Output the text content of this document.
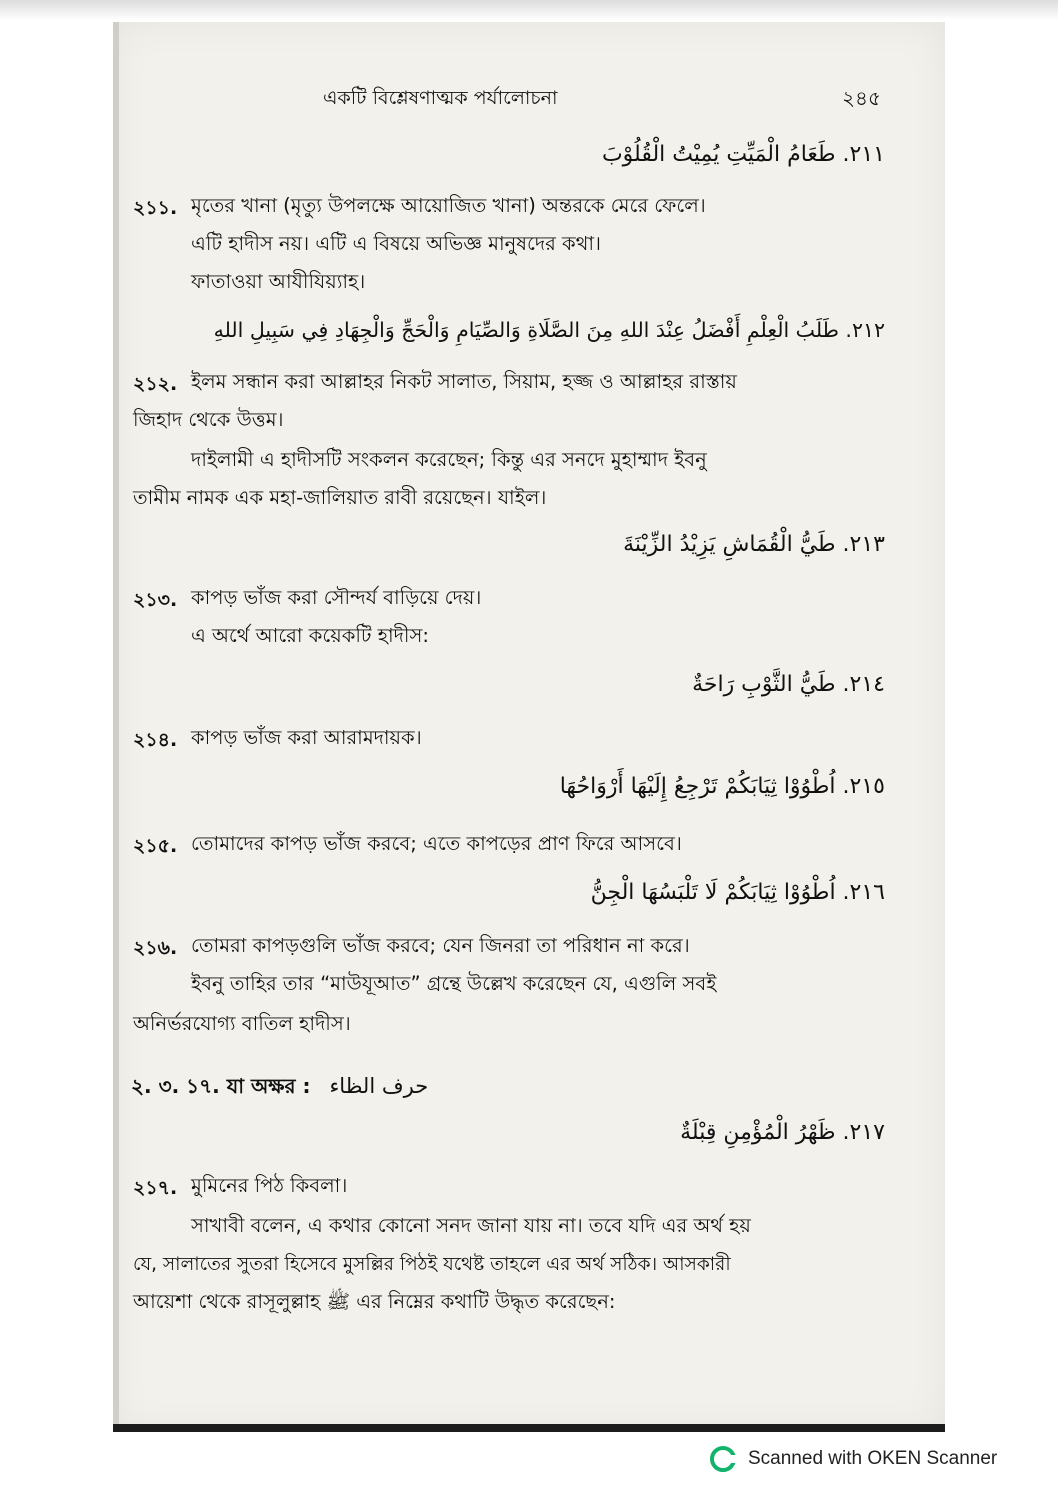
একটি বিশ্লেষণাত্মক পর্যালোচনা	২৪৫
٢١١. طَعَامُ الْمَيِّتِ يُمِيْتُ الْقُلُوْبَ
২১১. মৃতের খানা (মৃত্যু উপলক্ষে আয়োজিত খানা) অন্তরকে মেরে ফেলে।
এটি হাদীস নয়। এটি এ বিষয়ে অভিজ্ঞ মানুষদের কথা।
ফাতাওয়া আযীযিয়্যাহ।
٢١٢. طَلَبُ الْعِلْمِ أَفْضَلُ عِنْدَ اللهِ مِنَ الصَّلَاةِ وَالصِّيَامِ وَالْحَجِّ وَالْجِهَادِ فِي سَبِيلِ اللهِ
২১২. ইলম সন্ধান করা আল্লাহর নিকট সালাত, সিয়াম, হজ্জ ও আল্লাহর রাস্তায়
জিহাদ থেকে উত্তম।
দাইলামী এ হাদীসটি সংকলন করেছেন; কিন্তু এর সনদে মুহাম্মাদ ইবনু
তামীম নামক এক মহা-জালিয়াত রাবী রয়েছেন। যাইল।
٢١٣. طَيُّ الْقُمَاشِ يَزِيْدُ الزِّيْنَةَ
২১৩. কাপড় ভাঁজ করা সৌন্দর্য বাড়িয়ে দেয়।
এ অর্থে আরো কয়েকটি হাদীস:
٢١٤. طَيُّ الثَّوْبِ رَاحَةٌ
২১৪. কাপড় ভাঁজ করা আরামদায়ক।
٢١٥. اُطْوُوْا ثِيَابَكُمْ تَرْجِعُ إِلَيْهَا أَرْوَاحُهَا
২১৫. তোমাদের কাপড় ভাঁজ করবে; এতে কাপড়ের প্রাণ ফিরে আসবে।
٢١٦. اُطْوُوْا ثِيَابَكُمْ لَا تَلْبَسُهَا الْجِنُّ
২১৬. তোমরা কাপড়গুলি ভাঁজ করবে; যেন জিনরা তা পরিধান না করে।
ইবনু তাহির তার “মাউযূআত” গ্রন্থে উল্লেখ করেছেন যে, এগুলি সবই
অনির্ভরযোগ্য বাতিল হাদীস।
২. ৩. ১৭. যা অক্ষর : حرف الظاء
٢١٧. ظَهْرُ الْمُؤْمِنِ قِبْلَةٌ
২১৭. মুমিনের পিঠ কিবলা।
সাখাবী বলেন, এ কথার কোনো সনদ জানা যায় না। তবে যদি এর অর্থ হয়
যে, সালাতের সুতরা হিসেবে মুসল্লির পিঠই যথেষ্ট তাহলে এর অর্থ সঠিক। আসকারী
আয়েশা থেকে রাসূলুল্লাহ ﷺ এর নিম্নের কথাটি উদ্ধৃত করেছেন:
Scanned with OKEN Scanner
